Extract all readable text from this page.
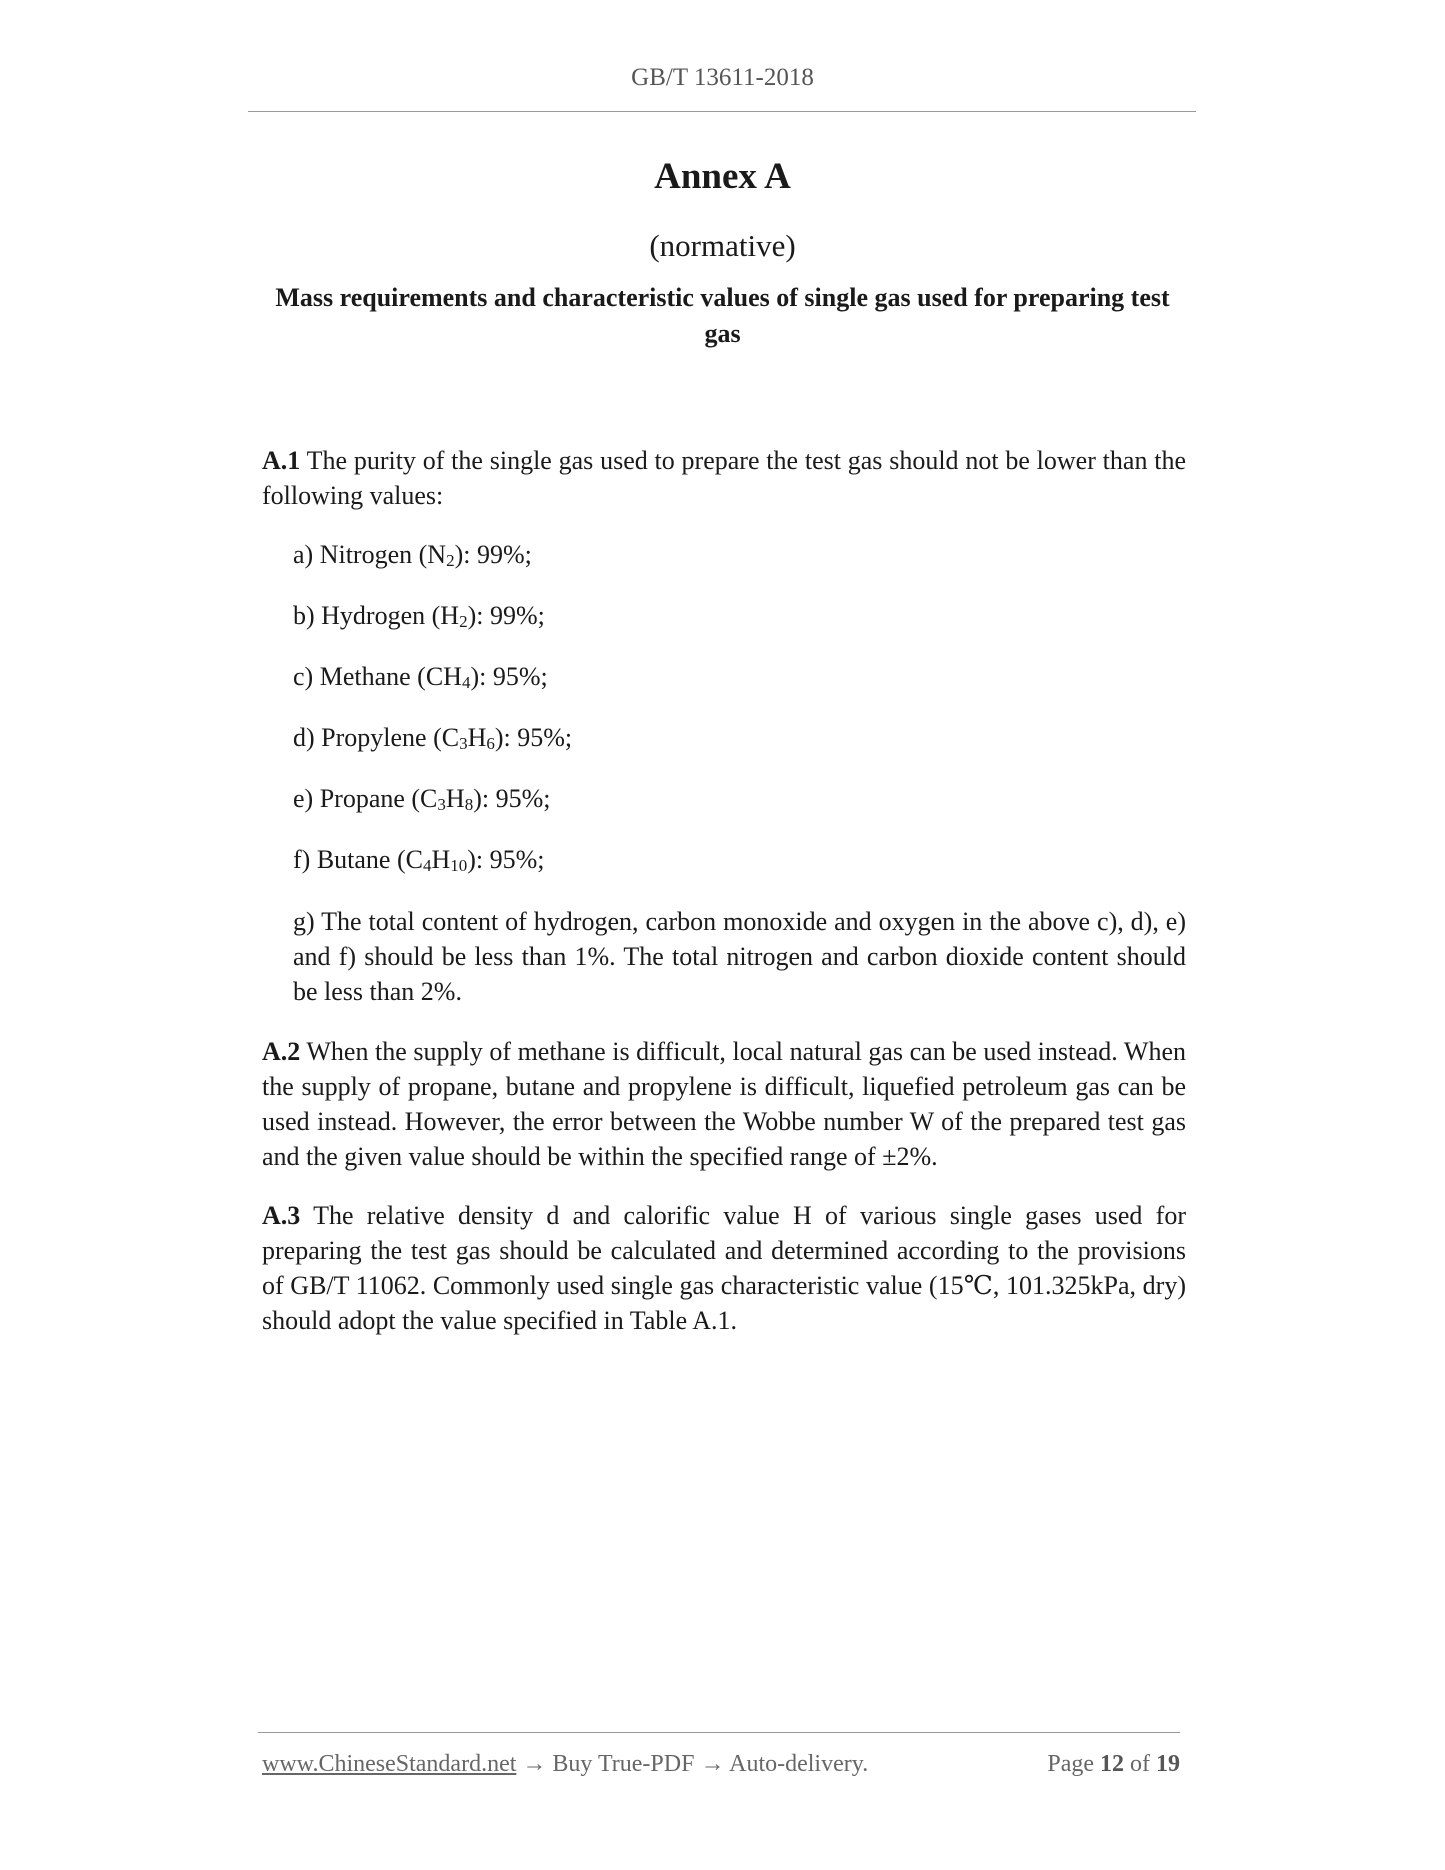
GB/T 13611-2018
Annex A
(normative)
Mass requirements and characteristic values of single gas used for preparing test gas
A.1 The purity of the single gas used to prepare the test gas should not be lower than the following values:
a) Nitrogen $(N_2)$: 99%;
b) Hydrogen $(H_2)$: 99%;
c) Methane $(CH_4)$: 95%;
d) Propylene $(C_3H_6)$: 95%;
e) Propane $(C_3H_8)$: 95%;
f) Butane $(C_4H_{10})$: 95%;
g) The total content of hydrogen, carbon monoxide and oxygen in the above c), d), e) and f) should be less than 1%. The total nitrogen and carbon dioxide content should be less than 2%.
A.2 When the supply of methane is difficult, local natural gas can be used instead. When the supply of propane, butane and propylene is difficult, liquefied petroleum gas can be used instead. However, the error between the Wobbe number W of the prepared test gas and the given value should be within the specified range of ±2%.
A.3 The relative density d and calorific value H of various single gases used for preparing the test gas should be calculated and determined according to the provisions of GB/T 11062. Commonly used single gas characteristic value (15℃, 101.325kPa, dry) should adopt the value specified in Table A.1.
www.ChineseStandard.net → Buy True-PDF → Auto-delivery.	Page 12 of 19
